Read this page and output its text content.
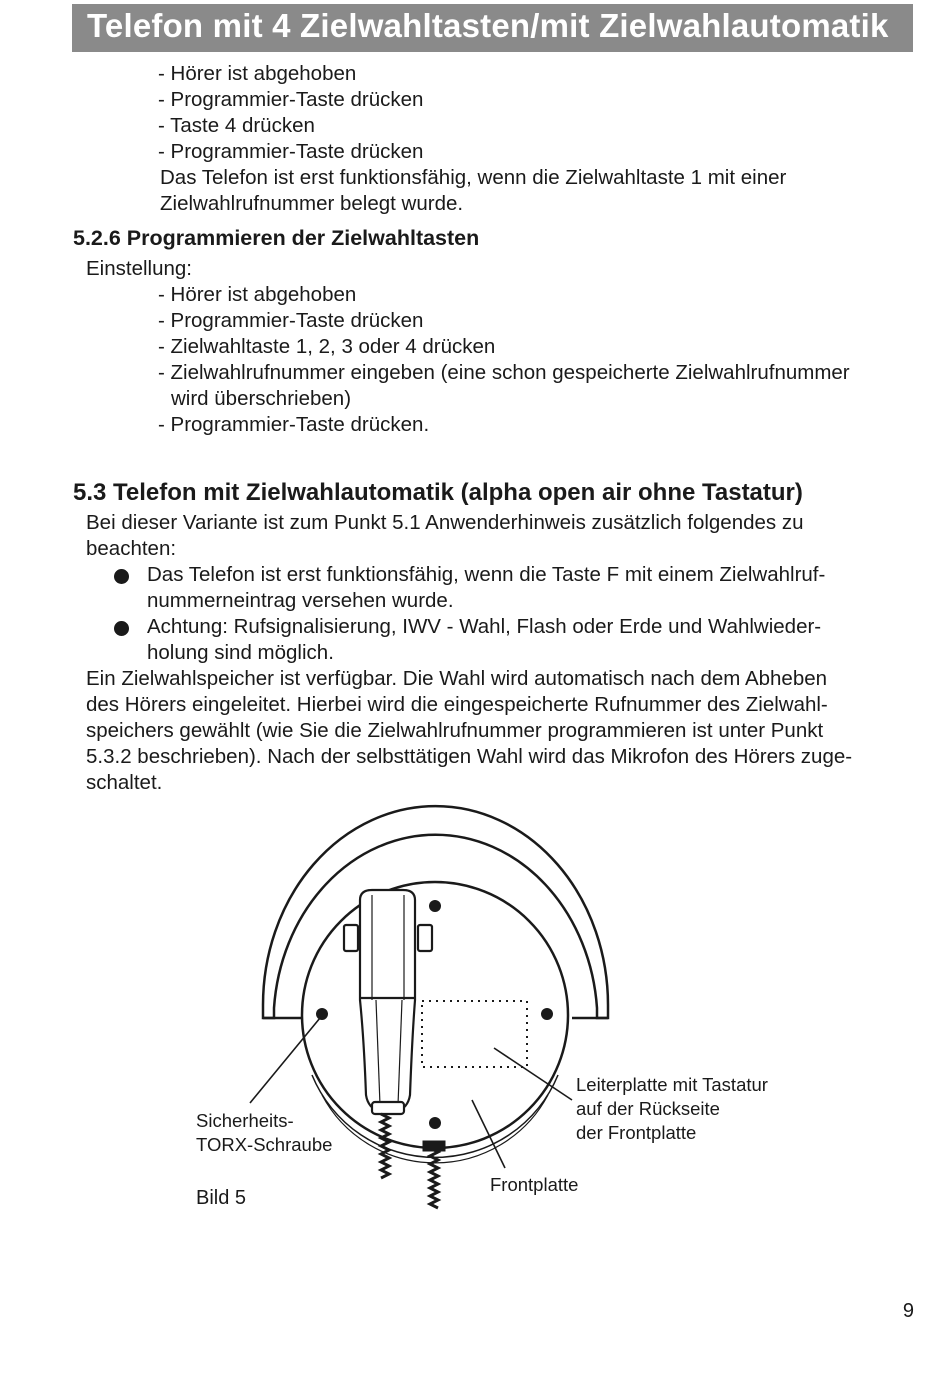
Telefon mit 4 Zielwahltasten/mit Zielwahlautomatik
- Hörer ist abgehoben
- Programmier-Taste drücken
- Taste 4 drücken
- Programmier-Taste drücken
Das Telefon ist erst funktionsfähig, wenn die Zielwahltaste 1 mit einer
Zielwahlrufnummer belegt wurde.
5.2.6 Programmieren der Zielwahltasten
Einstellung:
- Hörer ist abgehoben
- Programmier-Taste drücken
- Zielwahltaste 1, 2, 3 oder 4 drücken
- Zielwahlrufnummer eingeben (eine schon gespeicherte Zielwahlrufnummer
wird überschrieben)
- Programmier-Taste drücken.
5.3 Telefon mit Zielwahlautomatik (alpha open air ohne Tastatur)
Bei dieser Variante ist zum Punkt 5.1 Anwenderhinweis zusätzlich folgendes zu
beachten:
Das Telefon ist erst funktionsfähig, wenn die Taste F mit einem Zielwahlruf-
nummerneintrag versehen wurde.
Achtung: Rufsignalisierung, IWV - Wahl, Flash oder Erde und Wahlwieder-
holung sind möglich.
Ein Zielwahlspeicher ist verfügbar. Die Wahl wird automatisch nach dem Abheben
des Hörers eingeleitet. Hierbei wird die eingespeicherte Rufnummer des Zielwahl-
speichers gewählt (wie Sie die Zielwahlrufnummer programmieren ist unter Punkt
5.3.2 beschrieben). Nach der selbsttätigen Wahl wird das Mikrofon des Hörers zuge-
schaltet.
Sicherheits-
TORX-Schraube
Leiterplatte mit Tastatur
auf der Rückseite
der Frontplatte
Frontplatte
Bild 5
9
